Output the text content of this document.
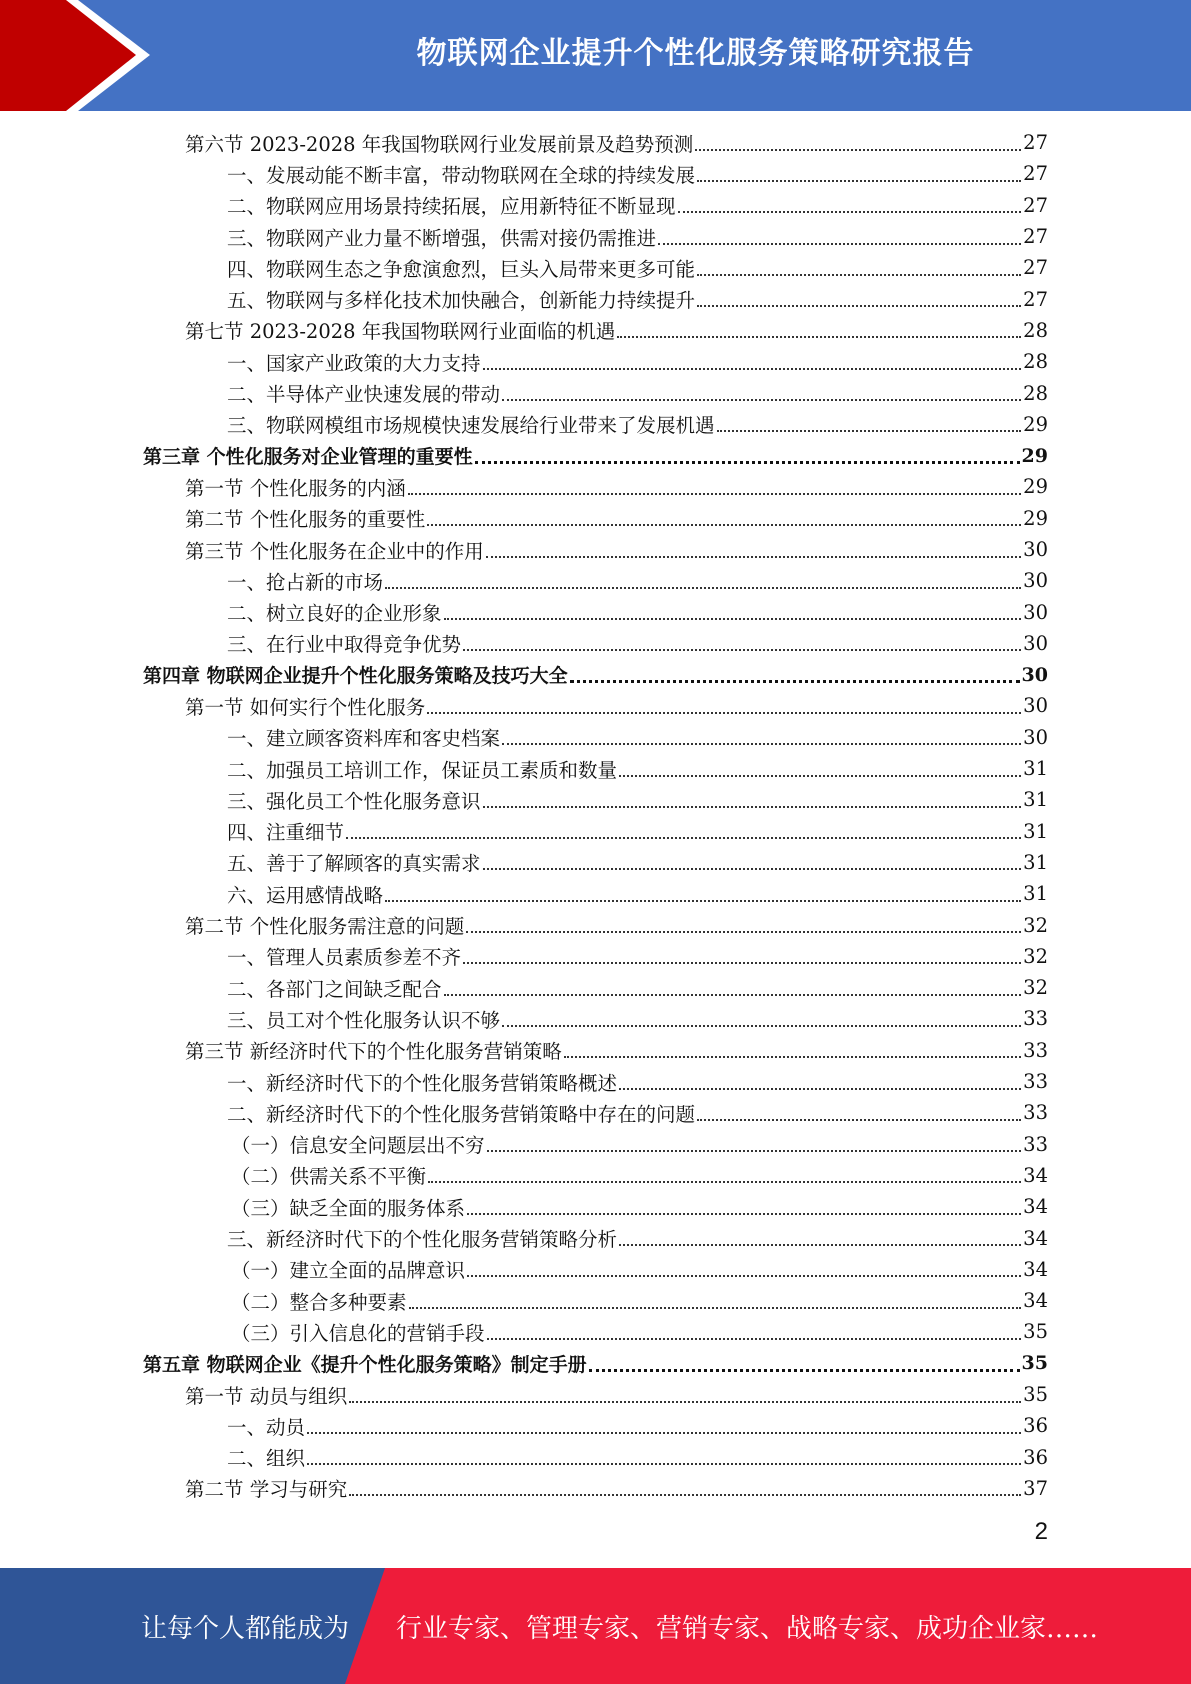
物联网企业提升个性化服务策略研究报告
第六节 2023-2028 年我国物联网行业发展前景及趋势预测	27
一、发展动能不断丰富，带动物联网在全球的持续发展	27
二、物联网应用场景持续拓展，应用新特征不断显现	27
三、物联网产业力量不断增强，供需对接仍需推进	27
四、物联网生态之争愈演愈烈，巨头入局带来更多可能	27
五、物联网与多样化技术加快融合，创新能力持续提升	27
第七节 2023-2028 年我国物联网行业面临的机遇	28
一、国家产业政策的大力支持	28
二、半导体产业快速发展的带动	28
三、物联网模组市场规模快速发展给行业带来了发展机遇	29
第三章 个性化服务对企业管理的重要性	29
第一节 个性化服务的内涵	29
第二节 个性化服务的重要性	29
第三节 个性化服务在企业中的作用	30
一、抢占新的市场	30
二、树立良好的企业形象	30
三、在行业中取得竞争优势	30
第四章 物联网企业提升个性化服务策略及技巧大全	30
第一节 如何实行个性化服务	30
一、建立顾客资料库和客史档案	30
二、加强员工培训工作，保证员工素质和数量	31
三、强化员工个性化服务意识	31
四、注重细节	31
五、善于了解顾客的真实需求	31
六、运用感情战略	31
第二节 个性化服务需注意的问题	32
一、管理人员素质参差不齐	32
二、各部门之间缺乏配合	32
三、员工对个性化服务认识不够	33
第三节 新经济时代下的个性化服务营销策略	33
一、新经济时代下的个性化服务营销策略概述	33
二、新经济时代下的个性化服务营销策略中存在的问题	33
（一）信息安全问题层出不穷	33
（二）供需关系不平衡	34
（三）缺乏全面的服务体系	34
三、新经济时代下的个性化服务营销策略分析	34
（一）建立全面的品牌意识	34
（二）整合多种要素	34
（三）引入信息化的营销手段	35
第五章 物联网企业《提升个性化服务策略》制定手册	35
第一节 动员与组织	35
一、动员	36
二、组织	36
第二节 学习与研究	37
2
让每个人都能成为 行业专家、管理专家、营销专家、战略专家、成功企业家……
